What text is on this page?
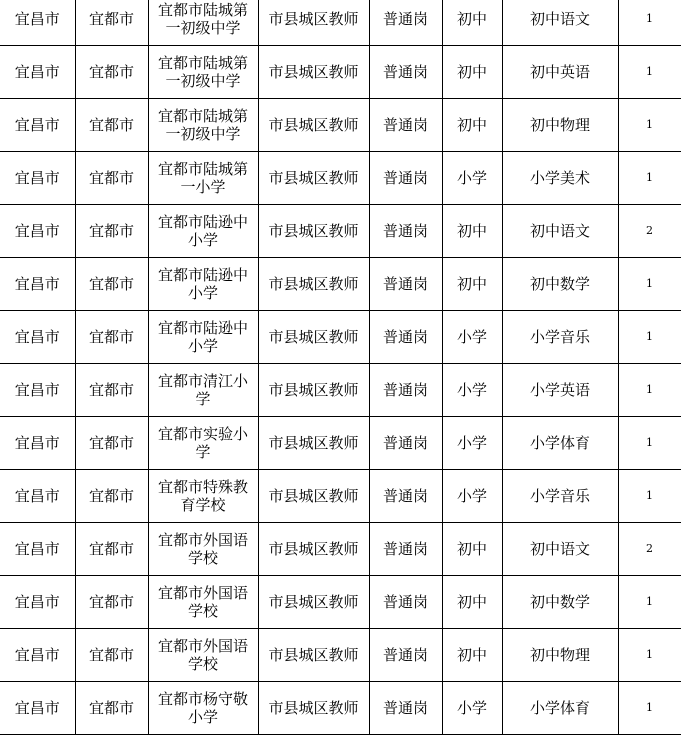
宜昌市	宜都市	宜都市陆城第一初级中学	市县城区教师	普通岗	初中	初中语文	1
宜昌市	宜都市	宜都市陆城第一初级中学	市县城区教师	普通岗	初中	初中英语	1
宜昌市	宜都市	宜都市陆城第一初级中学	市县城区教师	普通岗	初中	初中物理	1
宜昌市	宜都市	宜都市陆城第一小学	市县城区教师	普通岗	小学	小学美术	1
宜昌市	宜都市	宜都市陆逊中小学	市县城区教师	普通岗	初中	初中语文	2
宜昌市	宜都市	宜都市陆逊中小学	市县城区教师	普通岗	初中	初中数学	1
宜昌市	宜都市	宜都市陆逊中小学	市县城区教师	普通岗	小学	小学音乐	1
宜昌市	宜都市	宜都市清江小学	市县城区教师	普通岗	小学	小学英语	1
宜昌市	宜都市	宜都市实验小学	市县城区教师	普通岗	小学	小学体育	1
宜昌市	宜都市	宜都市特殊教育学校	市县城区教师	普通岗	小学	小学音乐	1
宜昌市	宜都市	宜都市外国语学校	市县城区教师	普通岗	初中	初中语文	2
宜昌市	宜都市	宜都市外国语学校	市县城区教师	普通岗	初中	初中数学	1
宜昌市	宜都市	宜都市外国语学校	市县城区教师	普通岗	初中	初中物理	1
宜昌市	宜都市	宜都市杨守敬小学	市县城区教师	普通岗	小学	小学体育	1
